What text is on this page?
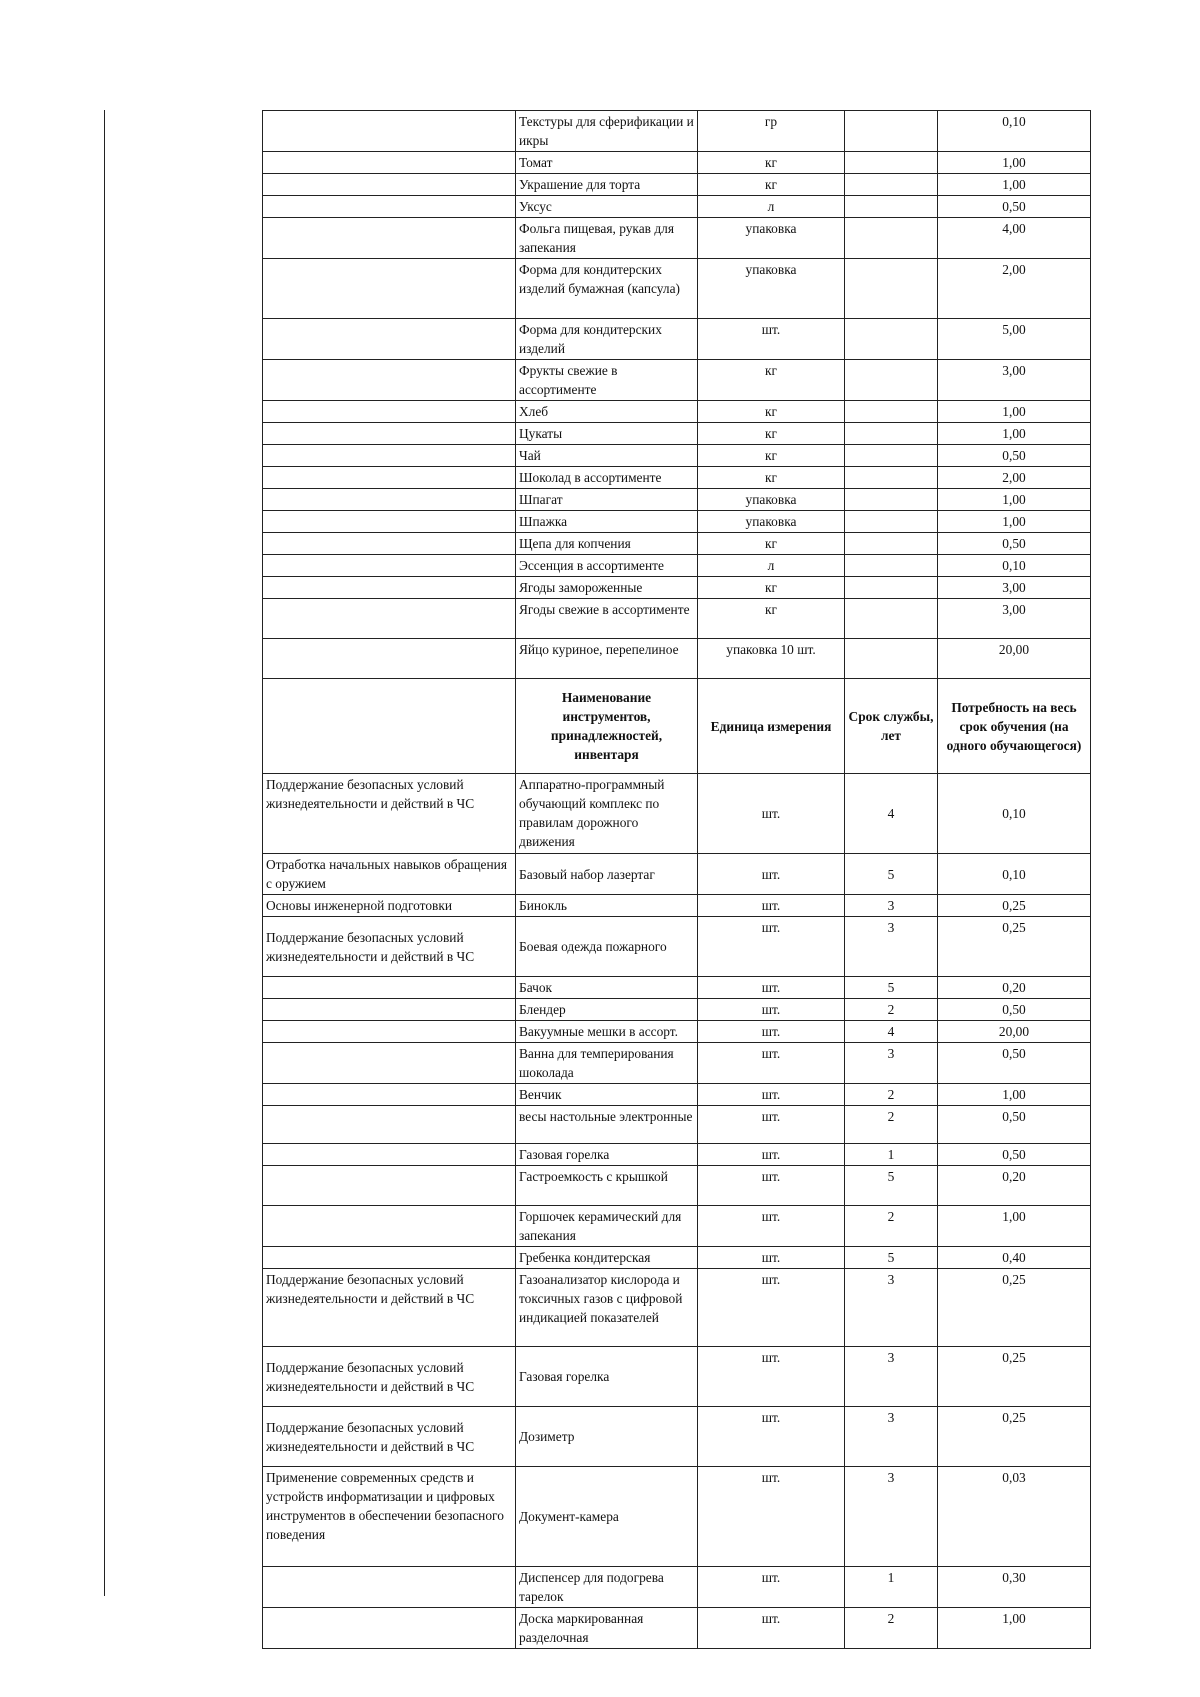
	Текстуры для сферификации и икры	гр		0,10
	Томат	кг		1,00
	Украшение для торта	кг		1,00
	Уксус	л		0,50
	Фольга пищевая, рукав для запекания	упаковка		4,00
	Форма для кондитерских изделий бумажная (капсула)	упаковка		2,00
	Форма для кондитерских изделий	шт.		5,00
	Фрукты свежие в ассортименте	кг		3,00
	Хлеб	кг		1,00
	Цукаты	кг		1,00
	Чай	кг		0,50
	Шоколад в ассортименте	кг		2,00
	Шпагат	упаковка		1,00
	Шпажка	упаковка		1,00
	Щепа для копчения	кг		0,50
	Эссенция в ассортименте	л		0,10
	Ягоды замороженные	кг		3,00
	Ягоды свежие в ассортименте	кг		3,00
	Яйцо куриное, перепелиное	упаковка 10 шт.		20,00
	Наименование инструментов, принадлежностей, инвентаря	Единица измерения	Срок службы, лет	Потребность на весь срок обучения (на одного обучающегося)
Поддержание безопасных условий жизнедеятельности и действий в ЧС	Аппаратно-программный обучающий комплекс по правилам дорожного движения	шт.	4	0,10
Отработка начальных навыков обращения с оружием	Базовый набор лазертаг	шт.	5	0,10
Основы инженерной подготовки	Бинокль	шт.	3	0,25
Поддержание безопасных условий жизнедеятельности и действий в ЧС	Боевая одежда пожарного	шт.	3	0,25
	Бачок	шт.	5	0,20
	Блендер	шт.	2	0,50
	Вакуумные мешки в ассорт.	шт.	4	20,00
	Ванна для темперирования шоколада	шт.	3	0,50
	Венчик	шт.	2	1,00
	весы настольные электронные	шт.	2	0,50
	Газовая горелка	шт.	1	0,50
	Гастроемкость с крышкой	шт.	5	0,20
	Горшочек керамический для запекания	шт.	2	1,00
	Гребенка кондитерская	шт.	5	0,40
Поддержание безопасных условий жизнедеятельности и действий в ЧС	Газоанализатор кислорода и токсичных газов с цифровой индикацией показателей	шт.	3	0,25
Поддержание безопасных условий жизнедеятельности и действий в ЧС	Газовая горелка	шт.	3	0,25
Поддержание безопасных условий жизнедеятельности и действий в ЧС	Дозиметр	шт.	3	0,25
Применение современных средств и устройств информатизации и цифровых инструментов в обеспечении безопасного поведения	Документ-камера	шт.	3	0,03
	Диспенсер для подогрева тарелок	шт.	1	0,30
	Доска маркированная разделочная	шт.	2	1,00
